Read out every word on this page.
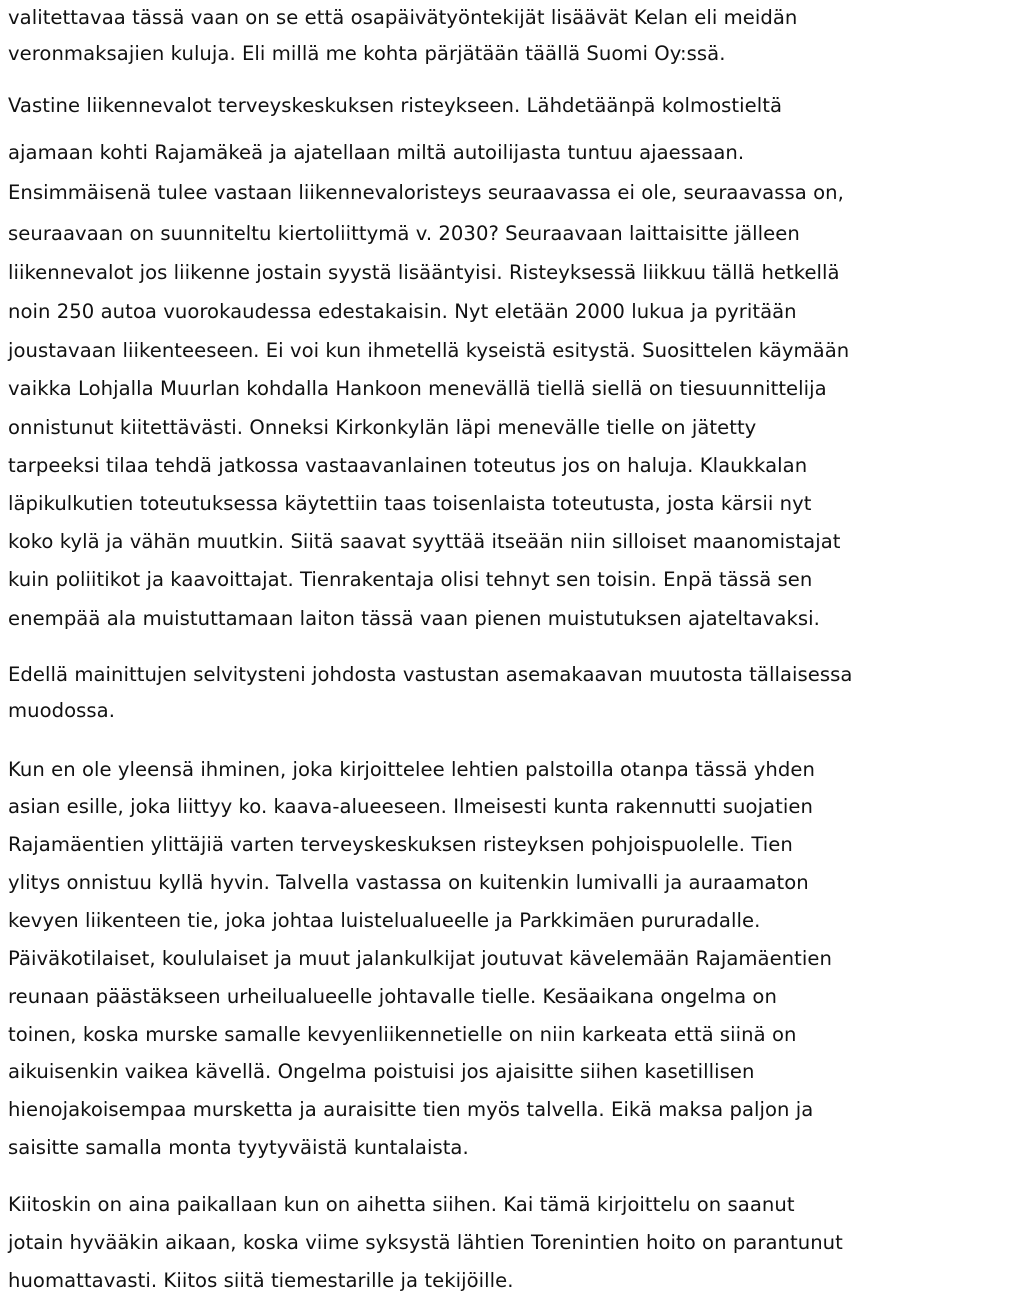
valitettavaa tässä vaan on se että osapäivätyöntekijät lisäävät Kelan eli meidän
veronmaksajien kuluja. Eli millä me kohta pärjätään täällä Suomi Oy:ssä.
Vastine liikennevalot terveyskeskuksen risteykseen. Lähdetäänpä kolmostieltä
ajamaan kohti Rajamäkeä ja ajatellaan miltä autoilijasta tuntuu ajaessaan.
Ensimmäisenä tulee vastaan liikennevaloristeys seuraavassa ei ole, seuraavassa on,
seuraavaan on suunniteltu kiertoliittymä v. 2030? Seuraavaan laittaisitte jälleen
liikennevalot jos liikenne jostain syystä lisääntyisi. Risteyksessä liikkuu tällä hetkellä
noin 250 autoa vuorokaudessa edestakaisin. Nyt eletään 2000 lukua ja pyritään
joustavaan liikenteeseen. Ei voi kun ihmetellä kyseistä esitystä. Suosittelen käymään
vaikka Lohjalla Muurlan kohdalla Hankoon menevällä tiellä siellä on tiesuunnittelija
onnistunut kiitettävästi. Onneksi Kirkonkylän läpi menevälle tielle on jätetty
tarpeeksi tilaa tehdä jatkossa vastaavanlainen toteutus jos on haluja. Klaukkalan
läpikulkutien toteutuksessa käytettiin taas toisenlaista toteutusta, josta kärsii nyt
koko kylä ja vähän muutkin. Siitä saavat syyttää itseään niin silloiset maanomistajat
kuin poliitikot ja kaavoittajat. Tienrakentaja olisi tehnyt sen toisin. Enpä tässä sen
enempää ala muistuttamaan laiton tässä vaan pienen muistutuksen ajateltavaksi.
Edellä mainittujen selvitysteni johdosta vastustan asemakaavan muutosta tällaisessa
muodossa.
Kun en ole yleensä ihminen, joka kirjoittelee lehtien palstoilla otanpa tässä yhden
asian esille, joka liittyy ko. kaava-alueeseen. Ilmeisesti kunta rakennutti suojatien
Rajamäentien ylittäjiä varten terveyskeskuksen risteyksen pohjoispuolelle. Tien
ylitys onnistuu kyllä hyvin. Talvella vastassa on kuitenkin lumivalli ja auraamaton
kevyen liikenteen tie, joka johtaa luistelualueelle ja Parkkimäen pururadalle.
Päiväkotilaiset, koululaiset ja muut jalankulkijat joutuvat kävelemään Rajamäentien
reunaan päästäkseen urheilualueelle johtavalle tielle. Kesäaikana ongelma on
toinen, koska murske samalle kevyenliikennetielle on niin karkeata että siinä on
aikuisenkin vaikea kävellä. Ongelma poistuisi jos ajaisitte siihen kasetillisen
hienojakoisempaa mursketta ja auraisitte tien myös talvella. Eikä maksa paljon ja
saisitte samalla monta tyytyväistä kuntalaista.
Kiitoskin on aina paikallaan kun on aihetta siihen. Kai tämä kirjoittelu on saanut
jotain hyvääkin aikaan, koska viime syksystä lähtien Torenintien hoito on parantunut
huomattavasti. Kiitos siitä tiemestarille ja tekijöille.
